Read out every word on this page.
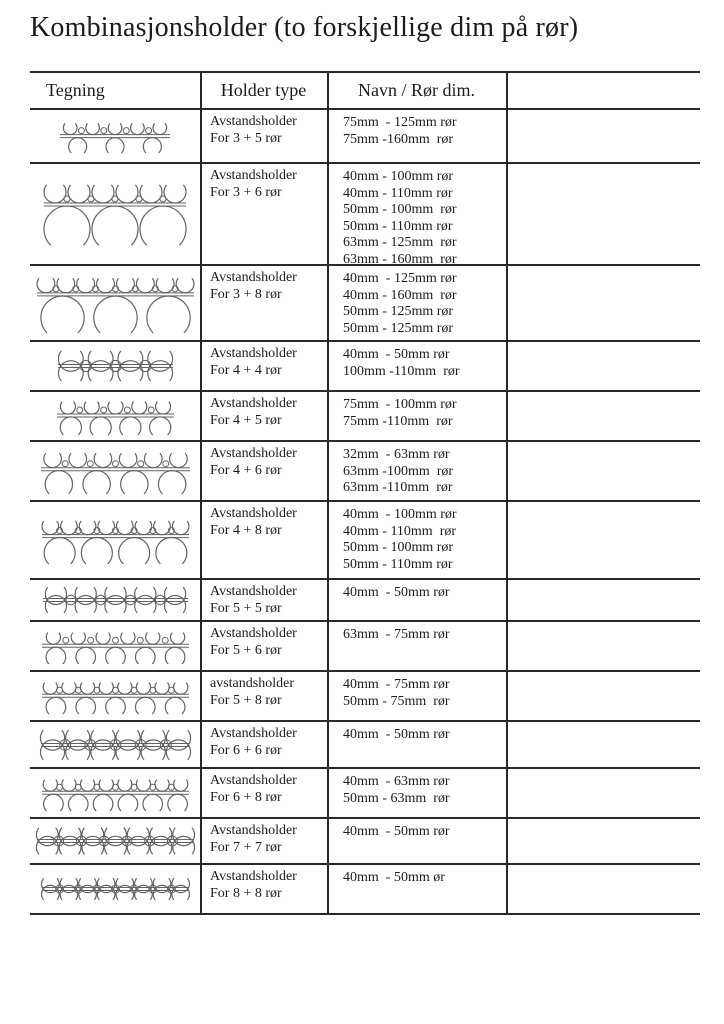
Kombinasjonsholder (to forskjellige dim på rør)
Tegning	Holder type	Navn / Rør dim.
Avstandsholder
For 3 + 5 rør
75mm  - 125mm rør
75mm -160mm  rør
Avstandsholder
For 3 + 6 rør
40mm - 100mm rør
40mm - 110mm rør
50mm - 100mm  rør
50mm - 110mm rør
63mm - 125mm  rør
63mm - 160mm  rør
Avstandsholder
For 3 + 8 rør
40mm  - 125mm rør
40mm - 160mm  rør
50mm - 125mm rør
50mm - 125mm rør
Avstandsholder
For 4 + 4 rør
40mm  - 50mm rør
100mm -110mm  rør
Avstandsholder
For 4 + 5 rør
75mm  - 100mm rør
75mm -110mm  rør
Avstandsholder
For 4 + 6 rør
32mm  - 63mm rør
63mm -100mm  rør
63mm -110mm  rør
Avstandsholder
For 4 + 8 rør
40mm  - 100mm rør
40mm - 110mm  rør
50mm - 100mm rør
50mm - 110mm rør
Avstandsholder
For 5 + 5 rør
40mm  - 50mm rør
Avstandsholder
For 5 + 6 rør
63mm  - 75mm rør
avstandsholder
For 5 + 8 rør
40mm  - 75mm rør
50mm - 75mm  rør
Avstandsholder
For 6 + 6 rør
40mm  - 50mm rør
Avstandsholder
For 6 + 8 rør
40mm  - 63mm rør
50mm - 63mm  rør
Avstandsholder
For 7 + 7 rør
40mm  - 50mm rør
Avstandsholder
For 8 + 8 rør
40mm  - 50mm ør
